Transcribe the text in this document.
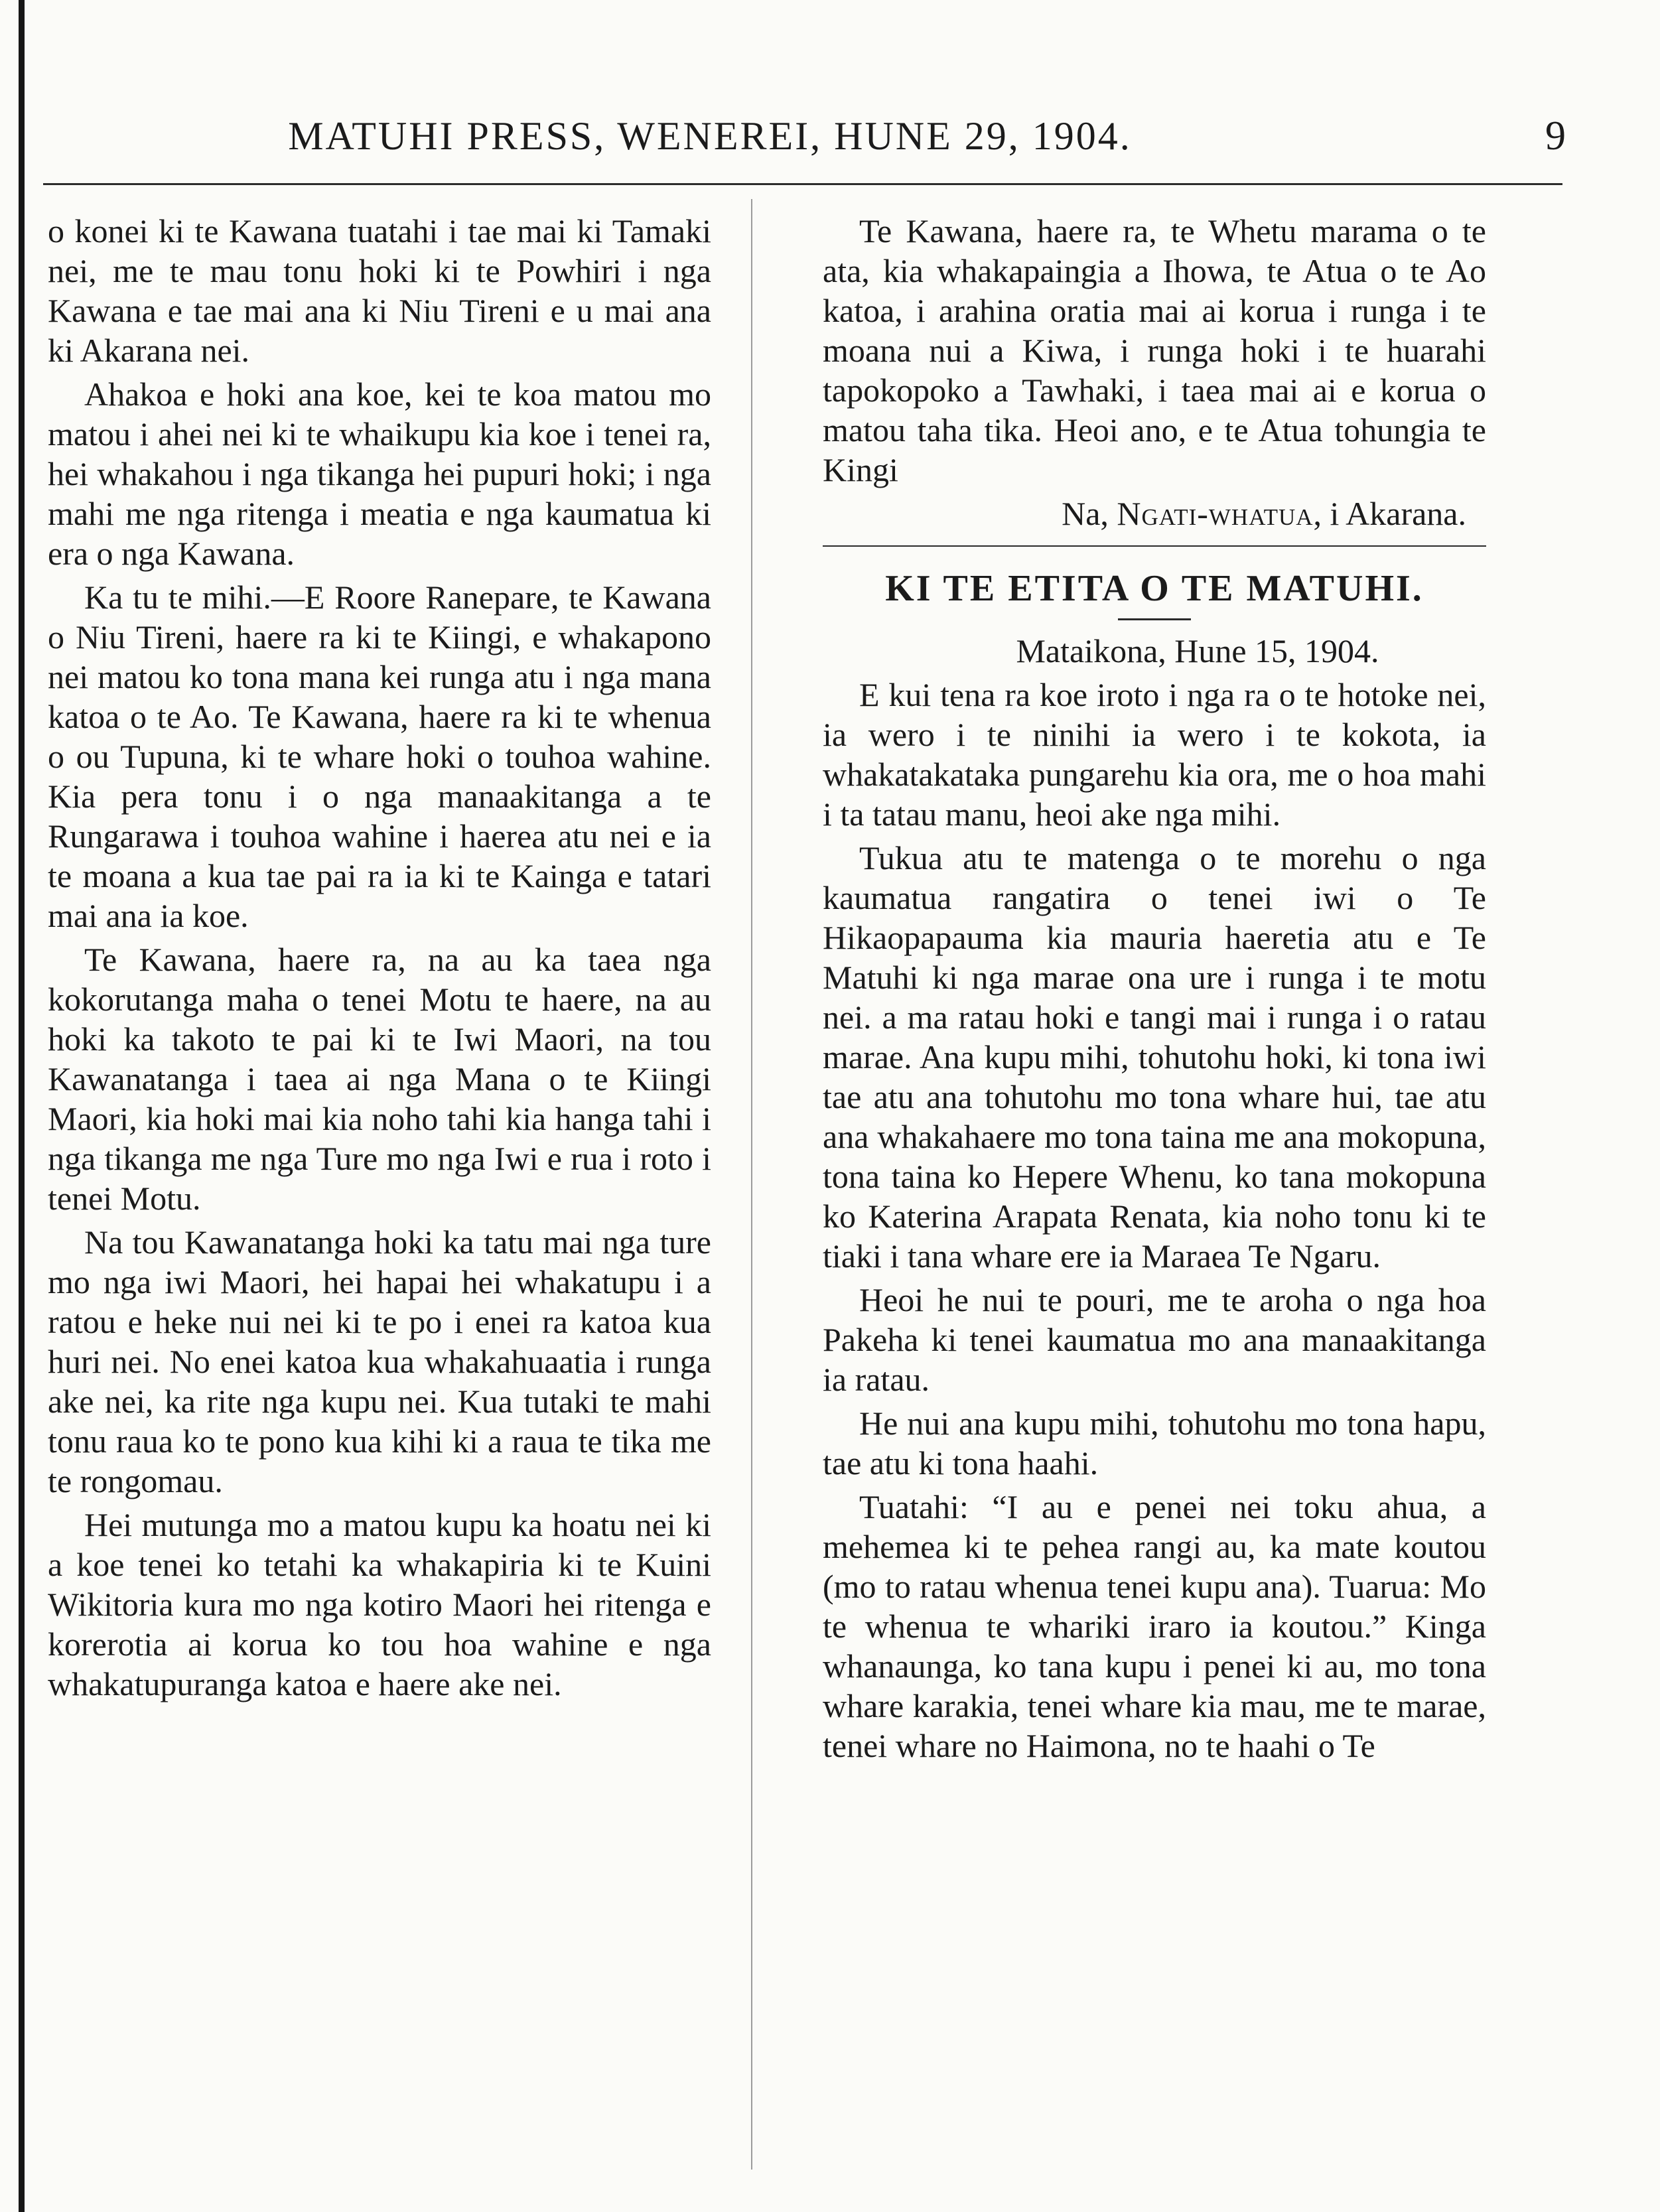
MATUHI PRESS, WENEREI, HUNE 29, 1904.	9

o konei ki te Kawana tuatahi i tae mai ki Tamaki nei, me te mau tonu hoki ki te Powhiri i nga Kawana e tae mai ana ki Niu Tireni e u mai ana ki Akarana nei.

Ahakoa e hoki ana koe, kei te koa matou mo matou i ahei nei ki te whaikupu kia koe i tenei ra, hei whakahou i nga tikanga hei pupuri hoki; i nga mahi me nga ritenga i meatia e nga kaumatua ki era o nga Kawana.

Ka tu te mihi.—E Roore Ranepare, te Kawana o Niu Tireni, haere ra ki te Kiingi, e whakapono nei matou ko tona mana kei runga atu i nga mana katoa o te Ao. Te Kawana, haere ra ki te whenua o ou Tupuna, ki te whare hoki o touhoa wahine. Kia pera tonu i o nga manaakitanga a te Rungarawa i touhoa wahine i haerea atu nei e ia te moana a kua tae pai ra ia ki te Kainga e tatari mai ana ia koe.

Te Kawana, haere ra, na au ka taea nga kokorutanga maha o tenei Motu te haere, na au hoki ka takoto te pai ki te Iwi Maori, na tou Kawanatanga i taea ai nga Mana o te Kiingi Maori, kia hoki mai kia noho tahi kia hanga tahi i nga tikanga me nga Ture mo nga Iwi e rua i roto i tenei Motu.

Na tou Kawanatanga hoki ka tatu mai nga ture mo nga iwi Maori, hei hapai hei whakatupu i a ratou e heke nui nei ki te po i enei ra katoa kua huri nei. No enei katoa kua whakahuaatia i runga ake nei, ka rite nga kupu nei. Kua tutaki te mahi tonu raua ko te pono kua kihi ki a raua te tika me te rongomau.

Hei mutunga mo a matou kupu ka hoatu nei ki a koe tenei ko tetahi ka whakapiria ki te Kuini Wikitoria kura mo nga kotiro Maori hei ritenga e korerotia ai korua ko tou hoa wahine e nga whakatupuranga katoa e haere ake nei.

Te Kawana, haere ra, te Whetu marama o te ata, kia whakapaingia a Ihowa, te Atua o te Ao katoa, i arahina oratia mai ai korua i runga i te moana nui a Kiwa, i runga hoki i te huarahi tapokopoko a Tawhaki, i taea mai ai e korua o matou taha tika. Heoi ano, e te Atua tohungia te Kingi

Na, Ngati-whatua, i Akarana.

KI TE ETITA O TE MATUHI.

Mataikona, Hune 15, 1904.

E kui tena ra koe iroto i nga ra o te hotoke nei, ia wero i te ninihi ia wero i te kokota, ia whakatakataka pungarehu kia ora, me o hoa mahi i ta tatau manu, heoi ake nga mihi.

Tukua atu te matenga o te morehu o nga kaumatua rangatira o tenei iwi o Te Hikaopapauma kia mauria haeretia atu e Te Matuhi ki nga marae ona ure i runga i te motu nei. a ma ratau hoki e tangi mai i runga i o ratau marae. Ana kupu mihi, tohutohu hoki, ki tona iwi tae atu ana tohutohu mo tona whare hui, tae atu ana whakahaere mo tona taina me ana mokopuna, tona taina ko Hepere Whenu, ko tana mokopuna ko Katerina Arapata Renata, kia noho tonu ki te tiaki i tana whare ere ia Maraea Te Ngaru.

Heoi he nui te pouri, me te aroha o nga hoa Pakeha ki tenei kaumatua mo ana manaakitanga ia ratau.

He nui ana kupu mihi, tohutohu mo tona hapu, tae atu ki tona haahi.

Tuatahi: “I au e penei nei toku ahua, a mehemea ki te pehea rangi au, ka mate koutou (mo to ratau whenua tenei kupu ana). Tuarua: Mo te whenua te whariki iraro ia koutou.” Kinga whanaunga, ko tana kupu i penei ki au, mo tona whare karakia, tenei whare kia mau, me te marae, tenei whare no Haimona, no te haahi o Te
